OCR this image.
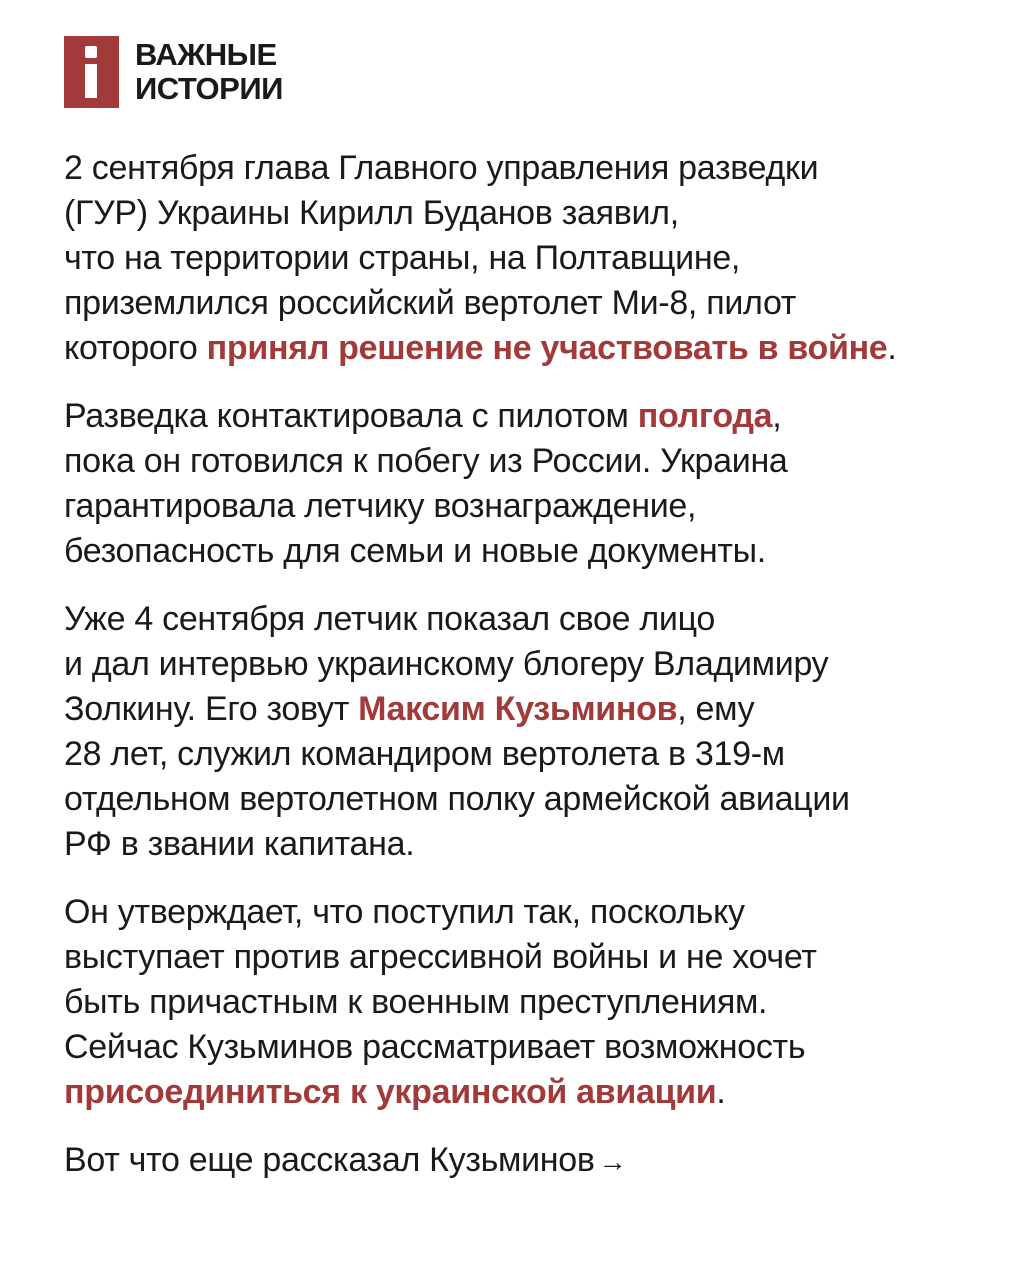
ВАЖНЫЕ
ИСТОРИИ

2 сентября глава Главного управления разведки
(ГУР) Украины Кирилл Буданов заявил,
что на территории страны, на Полтавщине,
приземлился российский вертолет Ми-8, пилот
которого принял решение не участвовать в войне.

Разведка контактировала с пилотом полгода,
пока он готовился к побегу из России. Украина
гарантировала летчику вознаграждение,
безопасность для семьи и новые документы.

Уже 4 сентября летчик показал свое лицо
и дал интервью украинскому блогеру Владимиру
Золкину. Его зовут Максим Кузьминов, ему
28 лет, служил командиром вертолета в 319-м
отдельном вертолетном полку армейской авиации
РФ в звании капитана.

Он утверждает, что поступил так, поскольку
выступает против агрессивной войны и не хочет
быть причастным к военным преступлениям.
Сейчас Кузьминов рассматривает возможность
присоединиться к украинской авиации.

Вот что еще рассказал Кузьминов →
